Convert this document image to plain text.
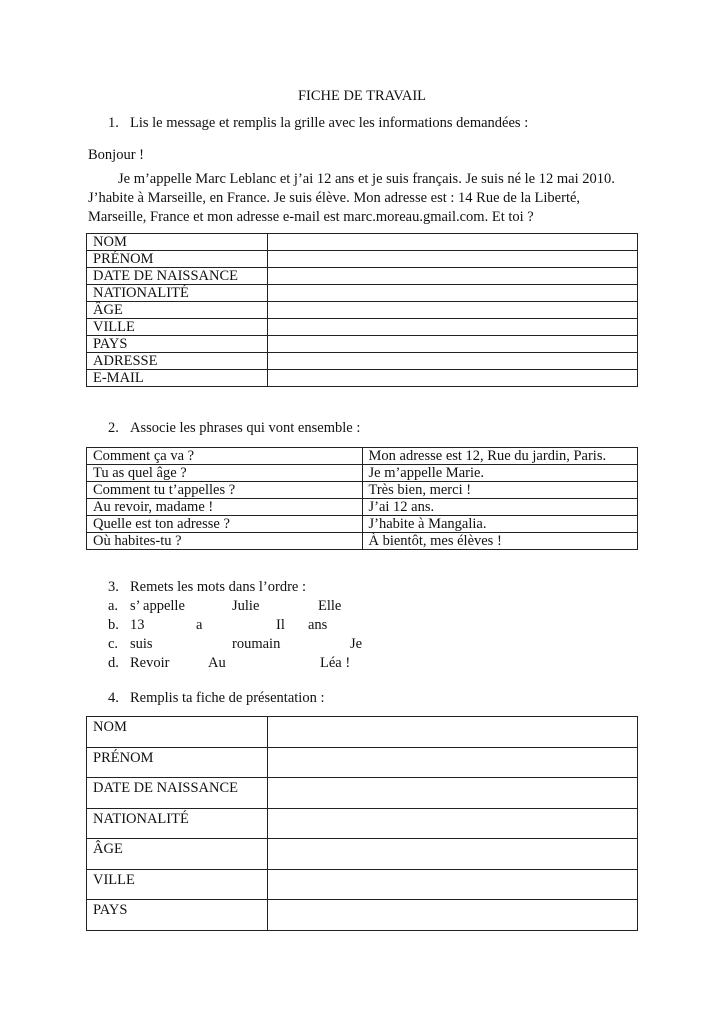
FICHE DE TRAVAIL
1. Lis le message et remplis la grille avec les informations demandées :
Bonjour !

Je m’appelle Marc Leblanc et j’ai 12 ans et je suis français. Je suis né le 12 mai 2010.

J’habite à Marseille, en France. Je suis élève. Mon adresse est : 14 Rue de la Liberté,

Marseille, France et mon adresse e-mail est marc.moreau.gmail.com. Et toi ?

NOM	
PRÉNOM	
DATE DE NAISSANCE	
NATIONALITÉ	
ÂGE	
VILLE	
PAYS	
ADRESSE	
E-MAIL	
2. Associe les phrases qui vont ensemble :
Comment ça va ?	Mon adresse est 12, Rue du jardin, Paris.
Tu as quel âge ?	Je m’appelle Marie.
Comment tu t’appelles ?	Très bien, merci !
Au revoir, madame !	J’ai 12 ans.
Quelle est ton adresse ?	J’habite à Mangalia.
Où habites-tu ?	À bientôt, mes élèves !
3. Remets les mots dans l’ordre :
a. s’ appelle	Julie	Elle
b. 13	a	Il ans
c. suis	roumain	Je
d. Revoir	Au	Léa !
4. Remplis ta fiche de présentation :
NOM	
PRÉNOM	
DATE DE NAISSANCE	
NATIONALITÉ	
ÂGE	
VILLE	
PAYS	
